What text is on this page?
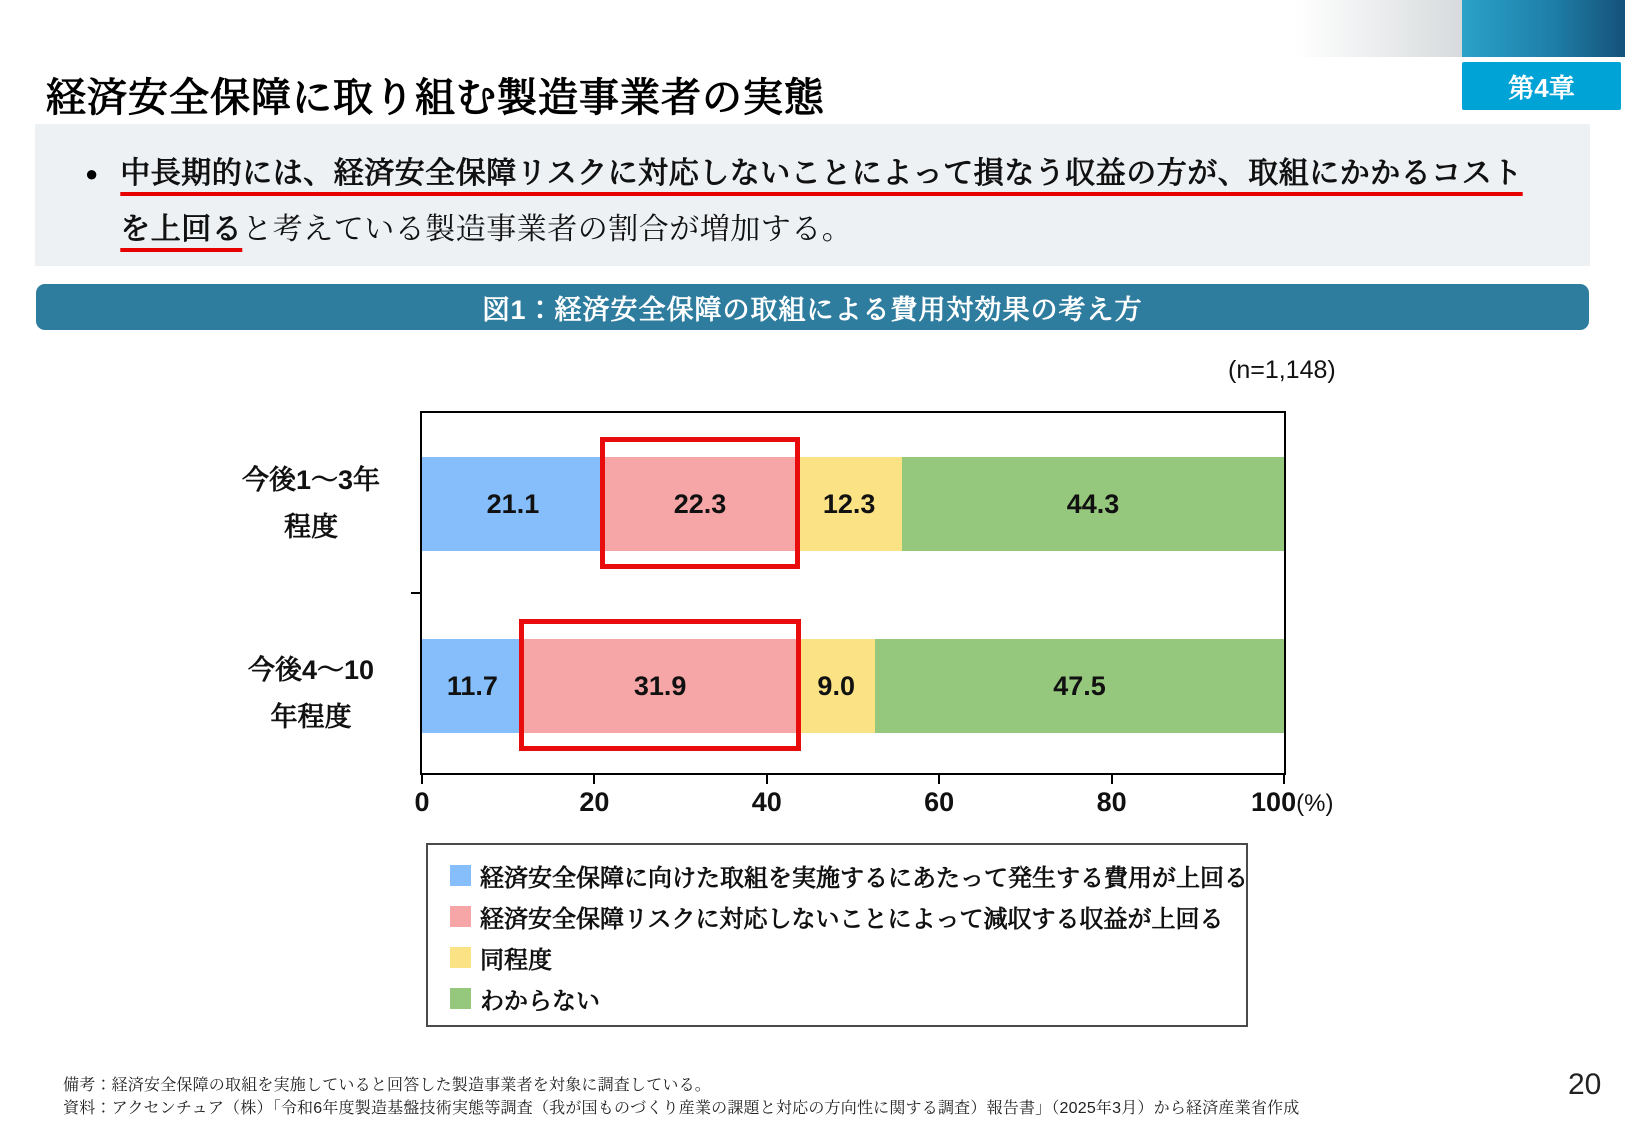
第4章
経済安全保障に取り組む製造事業者の実態
● 中長期的には、経済安全保障リスクに対応しないことによって損なう収益の方が、取組にかかるコストを上回ると考えている製造事業者の割合が増加する。

図1：経済安全保障の取組による費用対効果の考え方
(n=1,148)
今後1～3年
程度
今後4～10
年程度
21.1	22.3	12.3	44.3
11.7	31.9	9.0	47.5
0	20	40	60	80	100(%)
経済安全保障に向けた取組を実施するにあたって発生する費用が上回る
経済安全保障リスクに対応しないことによって減収する収益が上回る
同程度
わからない
備考：経済安全保障の取組を実施していると回答した製造事業者を対象に調査している。
資料：アクセンチュア（株）「令和6年度製造基盤技術実態等調査（我が国ものづくり産業の課題と対応の方向性に関する調査）報告書」（2025年3月）から経済産業省作成
20
